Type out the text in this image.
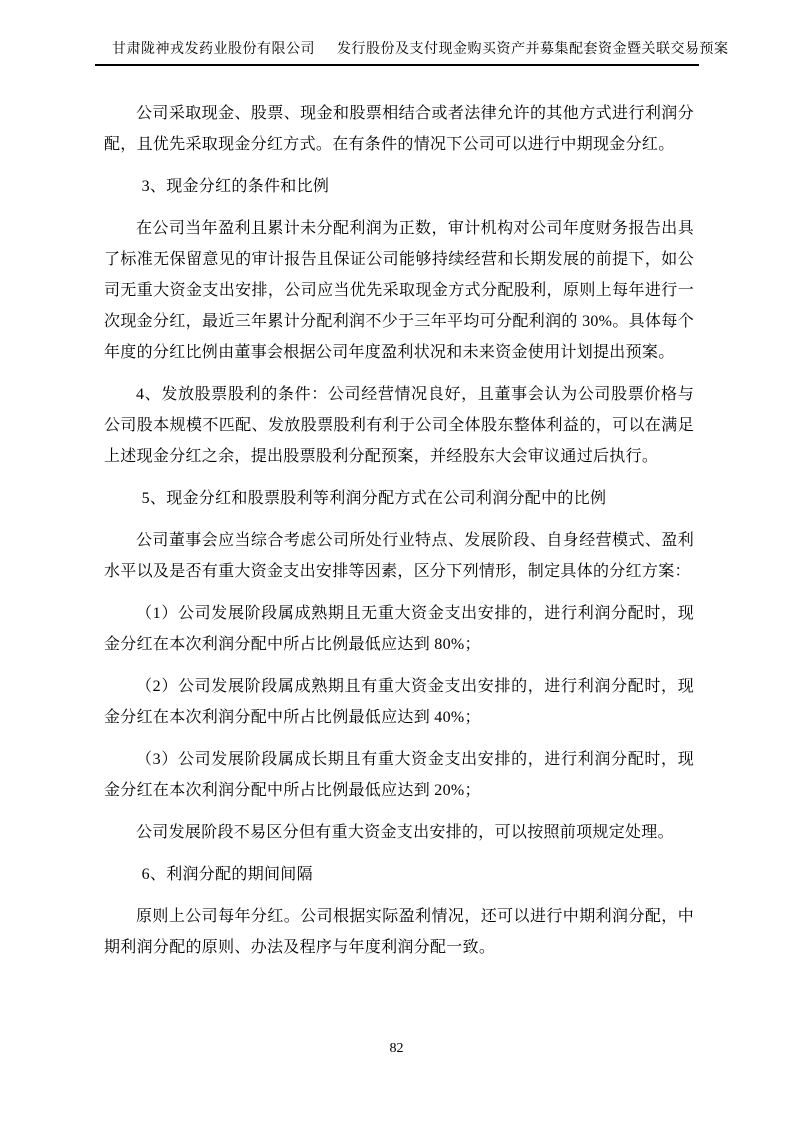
甘肃陇神戎发药业股份有限公司 发行股份及支付现金购买资产并募集配套资金暨关联交易预案

公司采取现金、股票、现金和股票相结合或者法律允许的其他方式进行利润分配，且优先采取现金分红方式。在有条件的情况下公司可以进行中期现金分红。

3、现金分红的条件和比例

在公司当年盈利且累计未分配利润为正数，审计机构对公司年度财务报告出具了标准无保留意见的审计报告且保证公司能够持续经营和长期发展的前提下，如公司无重大资金支出安排，公司应当优先采取现金方式分配股利，原则上每年进行一次现金分红，最近三年累计分配利润不少于三年平均可分配利润的 30%。具体每个年度的分红比例由董事会根据公司年度盈利状况和未来资金使用计划提出预案。

4、发放股票股利的条件：公司经营情况良好，且董事会认为公司股票价格与公司股本规模不匹配、发放股票股利有利于公司全体股东整体利益的，可以在满足上述现金分红之余，提出股票股利分配预案，并经股东大会审议通过后执行。

5、现金分红和股票股利等利润分配方式在公司利润分配中的比例

公司董事会应当综合考虑公司所处行业特点、发展阶段、自身经营模式、盈利水平以及是否有重大资金支出安排等因素，区分下列情形，制定具体的分红方案：

（1）公司发展阶段属成熟期且无重大资金支出安排的，进行利润分配时，现金分红在本次利润分配中所占比例最低应达到 80%；

（2）公司发展阶段属成熟期且有重大资金支出安排的，进行利润分配时，现金分红在本次利润分配中所占比例最低应达到 40%；

（3）公司发展阶段属成长期且有重大资金支出安排的，进行利润分配时，现金分红在本次利润分配中所占比例最低应达到 20%；

公司发展阶段不易区分但有重大资金支出安排的，可以按照前项规定处理。

6、利润分配的期间间隔

原则上公司每年分红。公司根据实际盈利情况，还可以进行中期利润分配，中期利润分配的原则、办法及程序与年度利润分配一致。

82
